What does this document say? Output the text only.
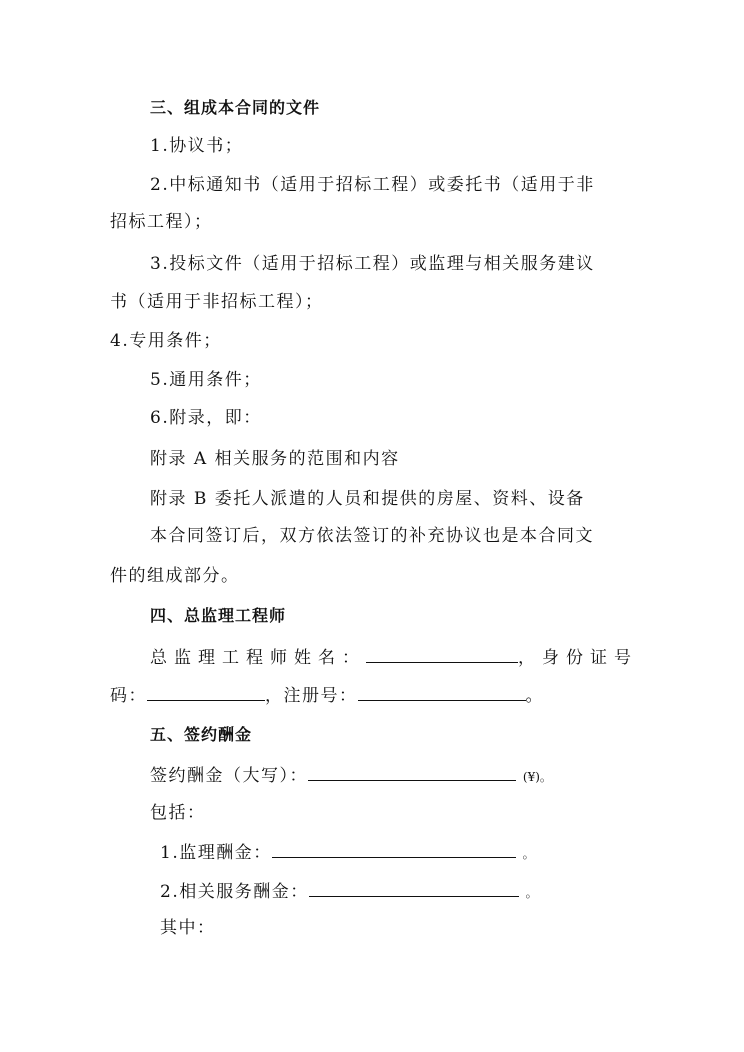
三、组成本合同的文件
1.协议书；
2.中标通知书（适用于招标工程）或委托书（适用于非
招标工程）；
3.投标文件（适用于招标工程）或监理与相关服务建议
书（适用于非招标工程）；
4.专用条件；
5.通用条件；
6.附录，即：
附录 A 相关服务的范围和内容
附录 B 委托人派遣的人员和提供的房屋、资料、设备
本合同签订后，双方依法签订的补充协议也是本合同文
件的组成部分。
四、总监理工程师
总监理工程师姓名：	，身份证号
码：	，注册号：	。
五、签约酬金
签约酬金（大写）：	(¥)。
包括：
1.监理酬金：	。
2.相关服务酬金：	。
其中：
